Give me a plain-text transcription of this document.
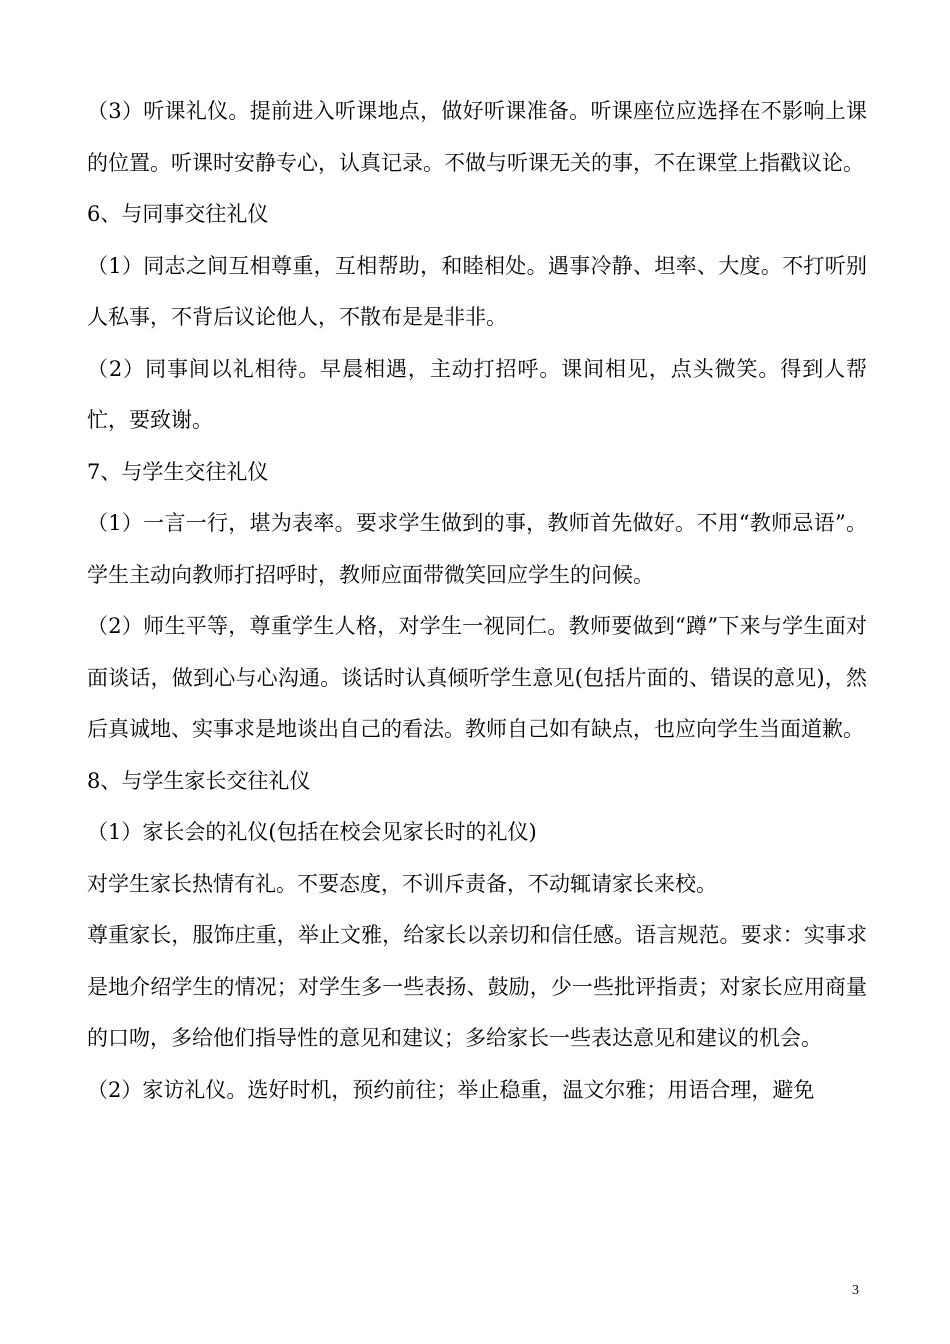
（3）听课礼仪。提前进入听课地点，做好听课准备。听课座位应选择在不影响上课的位置。听课时安静专心，认真记录。不做与听课无关的事，不在课堂上指戳议论。

6、与同事交往礼仪

（1）同志之间互相尊重，互相帮助，和睦相处。遇事冷静、坦率、大度。不打听别人私事，不背后议论他人，不散布是是非非。

（2）同事间以礼相待。早晨相遇，主动打招呼。课间相见，点头微笑。得到人帮忙，要致谢。

7、与学生交往礼仪

（1）一言一行，堪为表率。要求学生做到的事，教师首先做好。不用“教师忌语”。学生主动向教师打招呼时，教师应面带微笑回应学生的问候。

（2）师生平等，尊重学生人格，对学生一视同仁。教师要做到“蹲”下来与学生面对面谈话，做到心与心沟通。谈话时认真倾听学生意见(包括片面的、错误的意见)，然后真诚地、实事求是地谈出自己的看法。教师自己如有缺点，也应向学生当面道歉。

8、与学生家长交往礼仪

（1）家长会的礼仪(包括在校会见家长时的礼仪)

对学生家长热情有礼。不要态度，不训斥责备，不动辄请家长来校。

尊重家长，服饰庄重，举止文雅，给家长以亲切和信任感。语言规范。要求：实事求是地介绍学生的情况；对学生多一些表扬、鼓励，少一些批评指责；对家长应用商量的口吻，多给他们指导性的意见和建议；多给家长一些表达意见和建议的机会。

（2）家访礼仪。选好时机，预约前往；举止稳重，温文尔雅；用语合理，避免

3
